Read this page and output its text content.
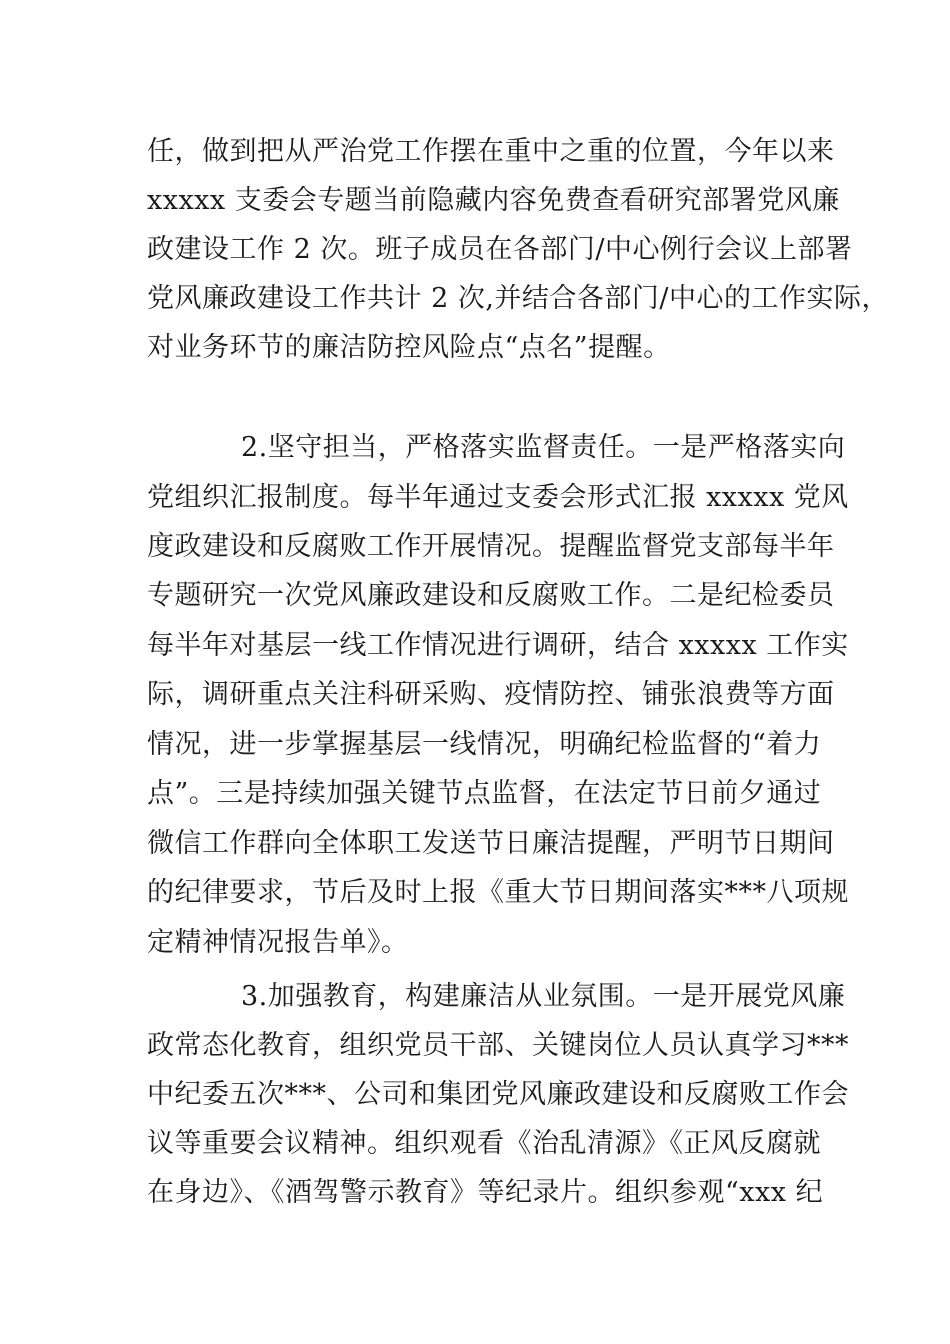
任，做到把从严治党工作摆在重中之重的位置，今年以来
xxxxx 支委会专题当前隐藏内容免费查看研究部署党风廉
政建设工作 2 次。班子成员在各部门/中心例行会议上部署
党风廉政建设工作共计 2 次,并结合各部门/中心的工作实际，
对业务环节的廉洁防控风险点“点名”提醒。
2.坚守担当，严格落实监督责任。一是严格落实向
党组织汇报制度。每半年通过支委会形式汇报 xxxxx 党风
度政建设和反腐败工作开展情况。提醒监督党支部每半年
专题研究一次党风廉政建设和反腐败工作。二是纪检委员
每半年对基层一线工作情况进行调研，结合 xxxxx 工作实
际，调研重点关注科研采购、疫情防控、铺张浪费等方面
情况，进一步掌握基层一线情况，明确纪检监督的“着力
点”。三是持续加强关键节点监督，在法定节日前夕通过
微信工作群向全体职工发送节日廉洁提醒，严明节日期间
的纪律要求，节后及时上报《重大节日期间落实***八项规
定精神情况报告单》。
3.加强教育，构建廉洁从业氛围。一是开展党风廉
政常态化教育，组织党员干部、关键岗位人员认真学习***
中纪委五次***、公司和集团党风廉政建设和反腐败工作会
议等重要会议精神。组织观看《治乱清源》《正风反腐就
在身边》、《酒驾警示教育》等纪录片。组织参观“xxx 纪
